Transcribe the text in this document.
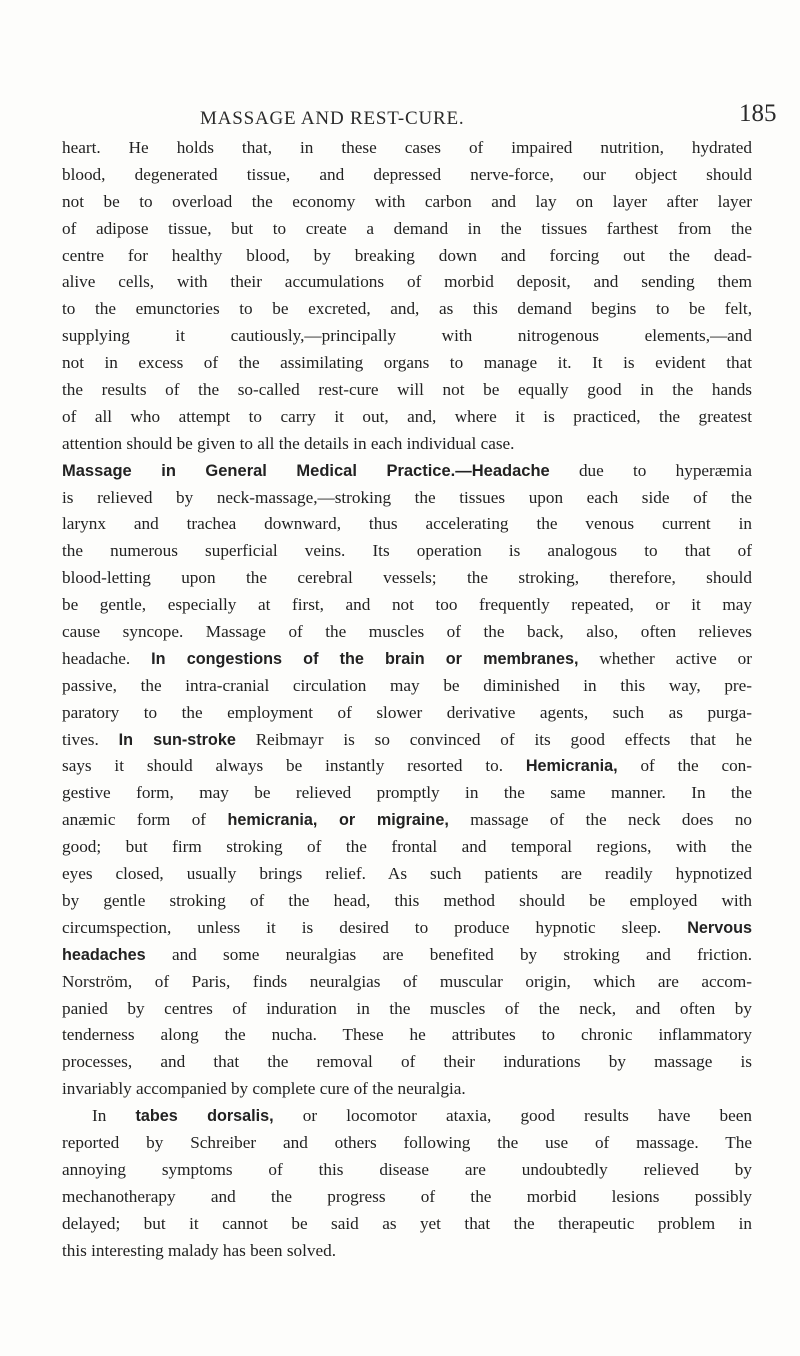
MASSAGE AND REST-CURE.	185
heart. He holds that, in these cases of impaired nutrition, hydrated
blood, degenerated tissue, and depressed nerve-force, our object should
not be to overload the economy with carbon and lay on layer after layer
of adipose tissue, but to create a demand in the tissues farthest from the
centre for healthy blood, by breaking down and forcing out the dead-
alive cells, with their accumulations of morbid deposit, and sending them
to the emunctories to be excreted, and, as this demand begins to be felt,
supplying it cautiously,—principally with nitrogenous elements,—and
not in excess of the assimilating organs to manage it. It is evident that
the results of the so-called rest-cure will not be equally good in the hands
of all who attempt to carry it out, and, where it is practiced, the greatest
attention should be given to all the details in each individual case.
Massage in General Medical Practice.—Headache due to hyperæmia
is relieved by neck-massage,—stroking the tissues upon each side of the
larynx and trachea downward, thus accelerating the venous current in
the numerous superficial veins. Its operation is analogous to that of
blood-letting upon the cerebral vessels; the stroking, therefore, should
be gentle, especially at first, and not too frequently repeated, or it may
cause syncope. Massage of the muscles of the back, also, often relieves
headache. In congestions of the brain or membranes, whether active or
passive, the intra-cranial circulation may be diminished in this way, pre-
paratory to the employment of slower derivative agents, such as purga-
tives. In sun-stroke Reibmayr is so convinced of its good effects that he
says it should always be instantly resorted to. Hemicrania, of the con-
gestive form, may be relieved promptly in the same manner. In the
anæmic form of hemicrania, or migraine, massage of the neck does no
good; but firm stroking of the frontal and temporal regions, with the
eyes closed, usually brings relief. As such patients are readily hypnotized
by gentle stroking of the head, this method should be employed with
circumspection, unless it is desired to produce hypnotic sleep. Nervous
headaches and some neuralgias are benefited by stroking and friction.
Norström, of Paris, finds neuralgias of muscular origin, which are accom-
panied by centres of induration in the muscles of the neck, and often by
tenderness along the nucha. These he attributes to chronic inflammatory
processes, and that the removal of their indurations by massage is
invariably accompanied by complete cure of the neuralgia.
In tabes dorsalis, or locomotor ataxia, good results have been
reported by Schreiber and others following the use of massage. The
annoying symptoms of this disease are undoubtedly relieved by
mechanotherapy and the progress of the morbid lesions possibly
delayed; but it cannot be said as yet that the therapeutic problem in
this interesting malady has been solved.
